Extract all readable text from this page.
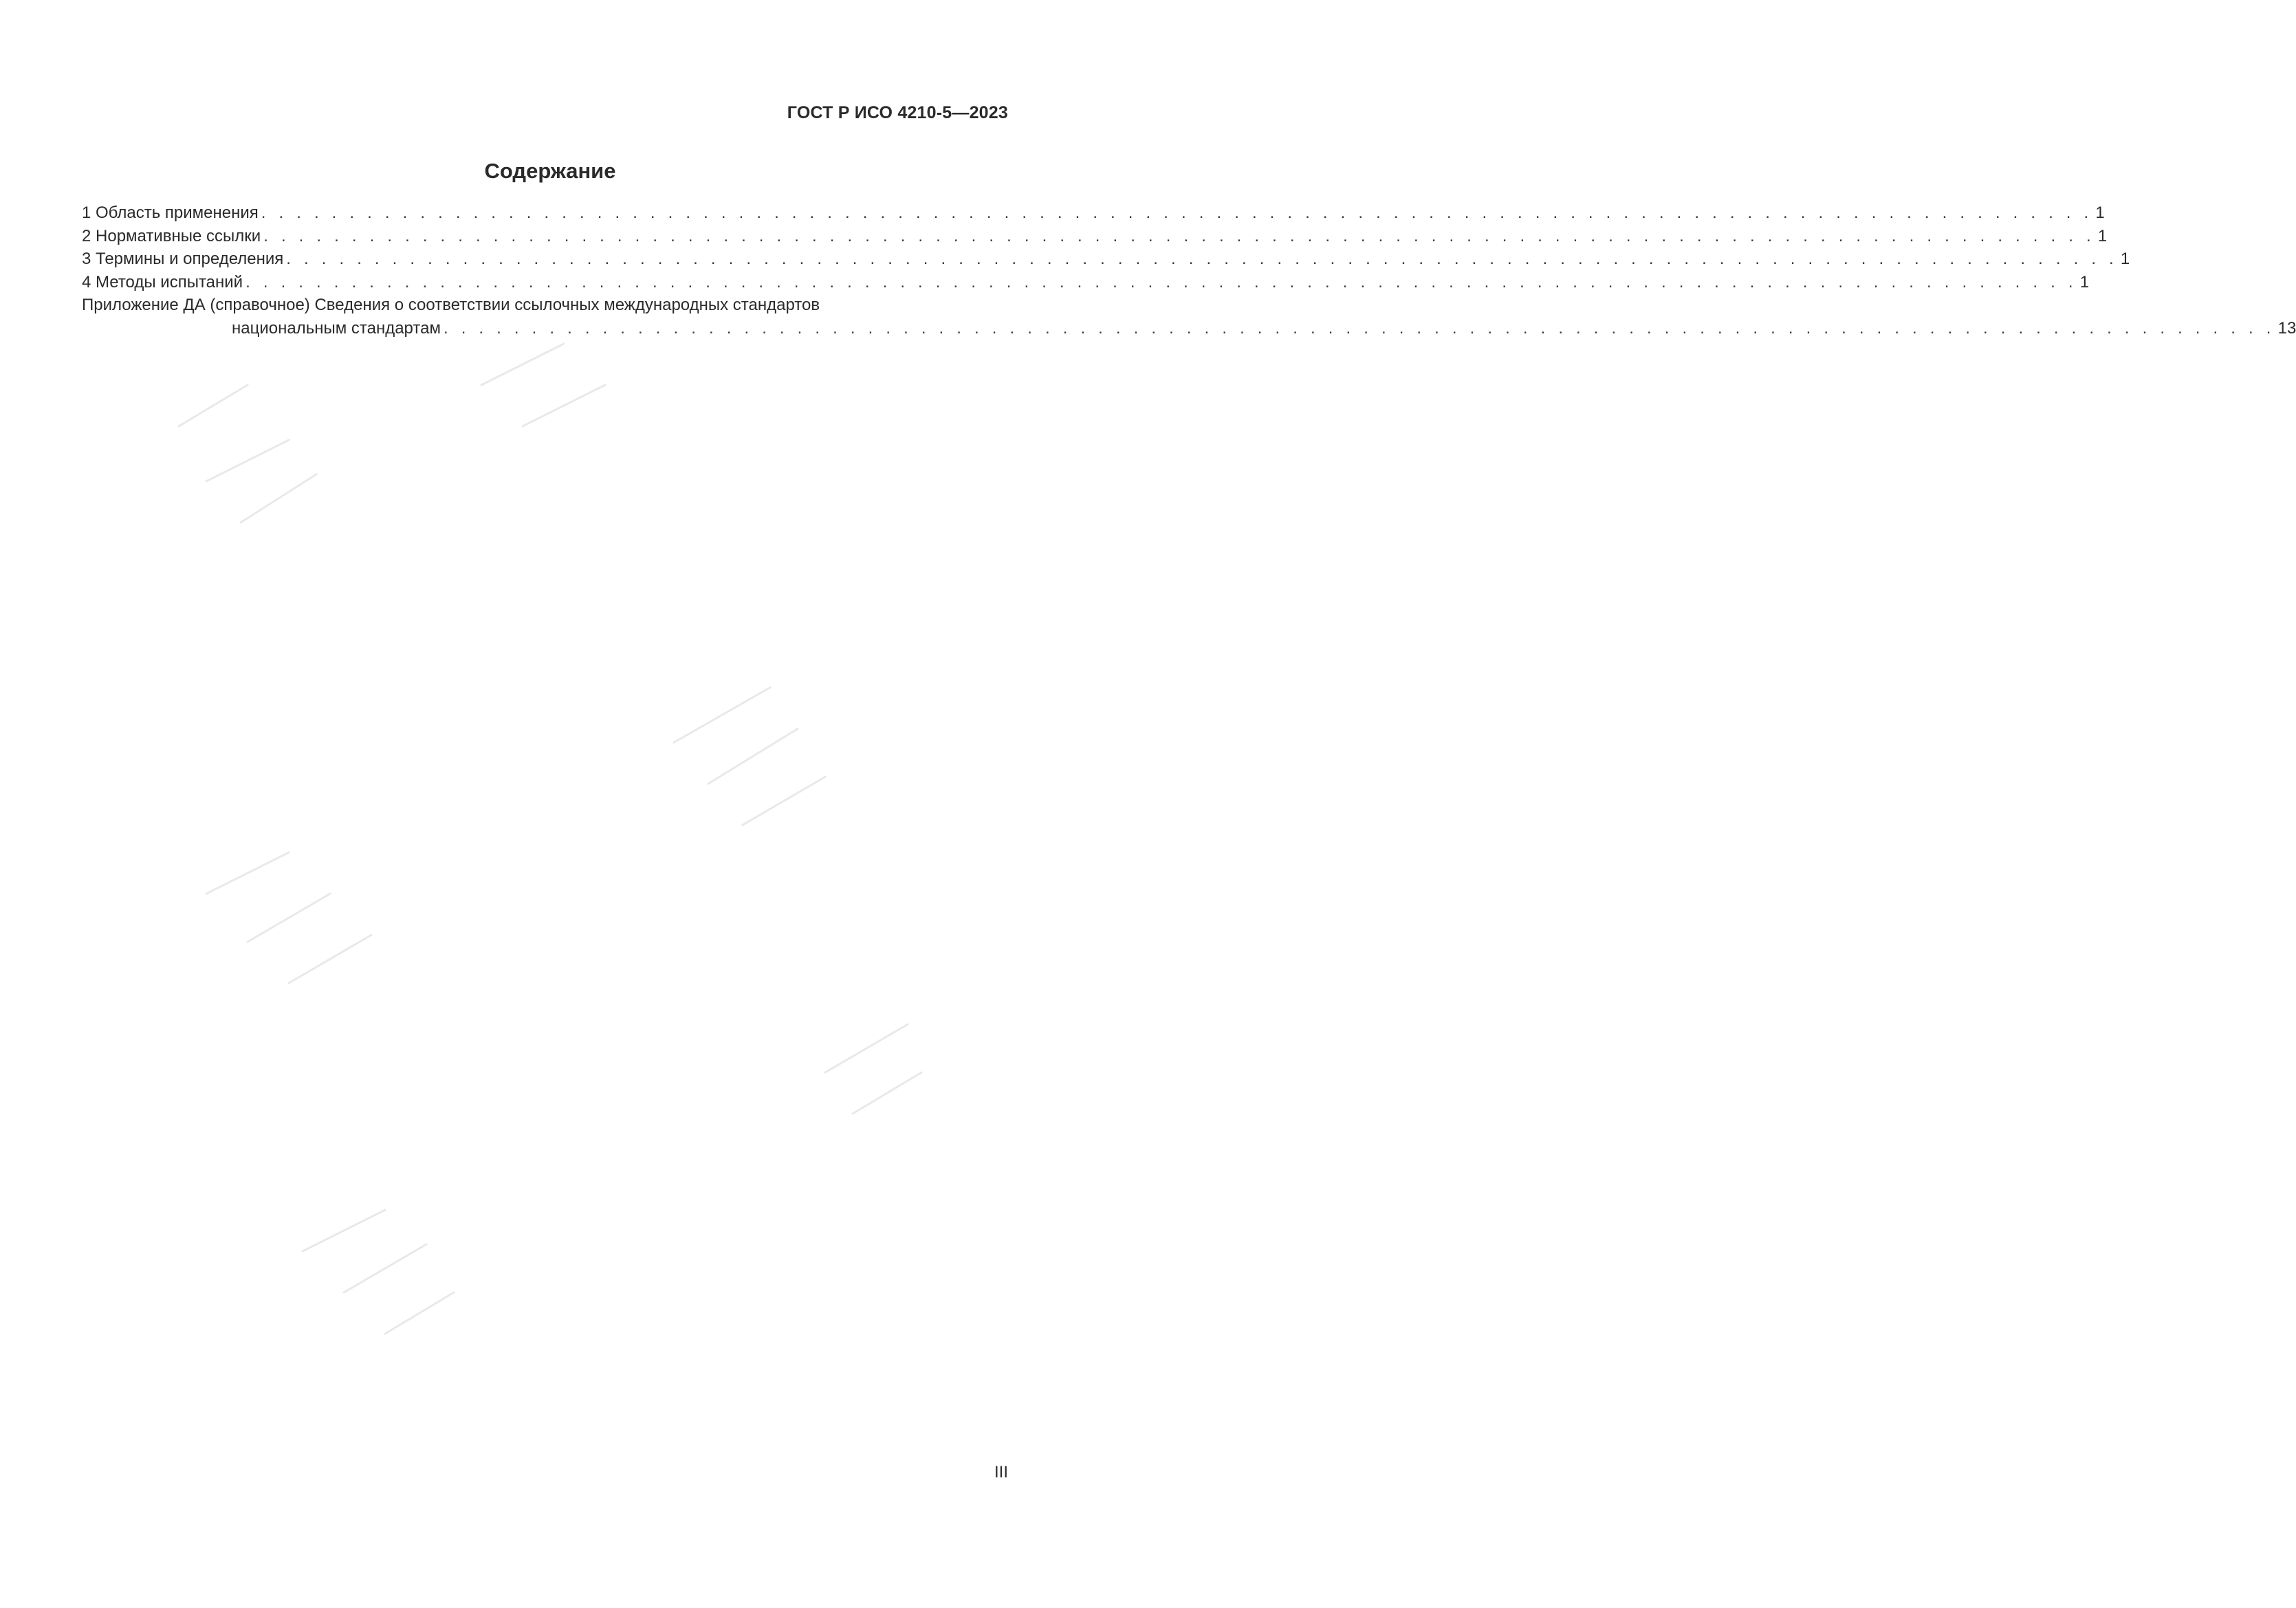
ГОСТ Р ИСО 4210-5—2023
Содержание
1 Область применения . . . . . . . . . . . . . . . . . . . . . . . . . . . . . . . . . . . . . . . . . . . . . . . . . . . . . . . . . . . . . . . . . . . . . . . . . . . . . . . . . . . . . . . . . . . . . . . . . . . . . . . . 1
2 Нормативные ссылки . . . . . . . . . . . . . . . . . . . . . . . . . . . . . . . . . . . . . . . . . . . . . . . . . . . . . . . . . . . . . . . . . . . . . . . . . . . . . . . . . . . . . . . . . . . . . . . . . . . . . . . . 1
3 Термины и определения . . . . . . . . . . . . . . . . . . . . . . . . . . . . . . . . . . . . . . . . . . . . . . . . . . . . . . . . . . . . . . . . . . . . . . . . . . . . . . . . . . . . . . . . . . . . . . . . . . . . . . . . 1
4 Методы испытаний . . . . . . . . . . . . . . . . . . . . . . . . . . . . . . . . . . . . . . . . . . . . . . . . . . . . . . . . . . . . . . . . . . . . . . . . . . . . . . . . . . . . . . . . . . . . . . . . . . . . . . . . 1
Приложение ДА (справочное) Сведения о соответствии ссылочных международных стандартов
национальным стандартам . . . . . . . . . . . . . . . . . . . . . . . . . . . . . . . . . . . . . . . . . . . . . . . . . . . . . . . . . . . . . . . . . . . . . . . . . . . . . . . . . . . . . . . . . . . . . . . . . . . . . . . . 13
III
